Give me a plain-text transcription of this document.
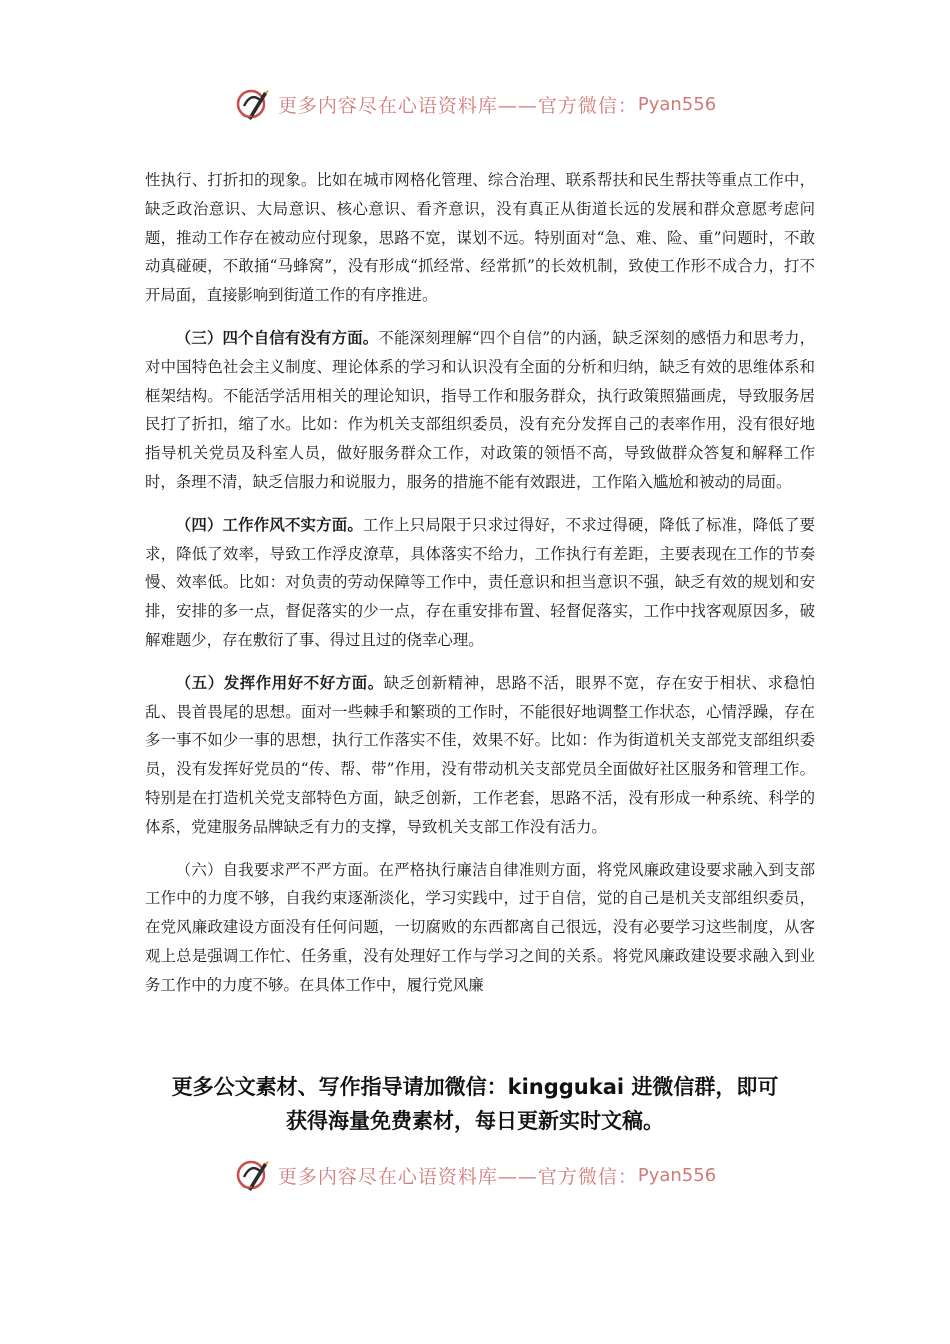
更多内容尽在心语资料库——官方微信： Pyan556

性执行、打折扣的现象。比如在城市网格化管理、综合治理、联系帮扶和民生帮扶等重点工作中，缺乏政治意识、大局意识、核心意识、看齐意识，没有真正从街道长远的发展和群众意愿考虑问题，推动工作存在被动应付现象，思路不宽，谋划不远。特别面对“急、难、险、重”问题时，不敢动真碰硬，不敢捅“马蜂窝”，没有形成“抓经常、经常抓”的长效机制，致使工作形不成合力，打不开局面，直接影响到街道工作的有序推进。

（三）四个自信有没有方面。不能深刻理解“四个自信”的内涵，缺乏深刻的感悟力和思考力，对中国特色社会主义制度、理论体系的学习和认识没有全面的分析和归纳，缺乏有效的思维体系和框架结构。不能活学活用相关的理论知识，指导工作和服务群众，执行政策照猫画虎，导致服务居民打了折扣，缩了水。比如：作为机关支部组织委员，没有充分发挥自己的表率作用，没有很好地指导机关党员及科室人员，做好服务群众工作，对政策的领悟不高，导致做群众答复和解释工作时，条理不清，缺乏信服力和说服力，服务的措施不能有效跟进，工作陷入尴尬和被动的局面。

（四）工作作风不实方面。工作上只局限于只求过得好，不求过得硬，降低了标准，降低了要求，降低了效率，导致工作浮皮潦草，具体落实不给力，工作执行有差距，主要表现在工作的节奏慢、效率低。比如：对负责的劳动保障等工作中，责任意识和担当意识不强，缺乏有效的规划和安排，安排的多一点，督促落实的少一点，存在重安排布置、轻督促落实，工作中找客观原因多，破解难题少，存在敷衍了事、得过且过的侥幸心理。

（五）发挥作用好不好方面。缺乏创新精神，思路不活，眼界不宽，存在安于相状、求稳怕乱、畏首畏尾的思想。面对一些棘手和繁琐的工作时，不能很好地调整工作状态，心情浮躁，存在多一事不如少一事的思想，执行工作落实不佳，效果不好。比如：作为街道机关支部党支部组织委员，没有发挥好党员的“传、帮、带”作用，没有带动机关支部党员全面做好社区服务和管理工作。特别是在打造机关党支部特色方面，缺乏创新，工作老套，思路不活，没有形成一种系统、科学的体系，党建服务品牌缺乏有力的支撑，导致机关支部工作没有活力。

（六）自我要求严不严方面。在严格执行廉洁自律准则方面，将党风廉政建设要求融入到支部工作中的力度不够，自我约束逐渐淡化，学习实践中，过于自信，觉的自己是机关支部组织委员，在党风廉政建设方面没有任何问题，一切腐败的东西都离自己很远，没有必要学习这些制度，从客观上总是强调工作忙、任务重，没有处理好工作与学习之间的关系。将党风廉政建设要求融入到业务工作中的力度不够。在具体工作中，履行党风廉

更多公文素材、写作指导请加微信：kinggukai 进微信群，即可
获得海量免费素材，每日更新实时文稿。
更多内容尽在心语资料库——官方微信： Pyan556
